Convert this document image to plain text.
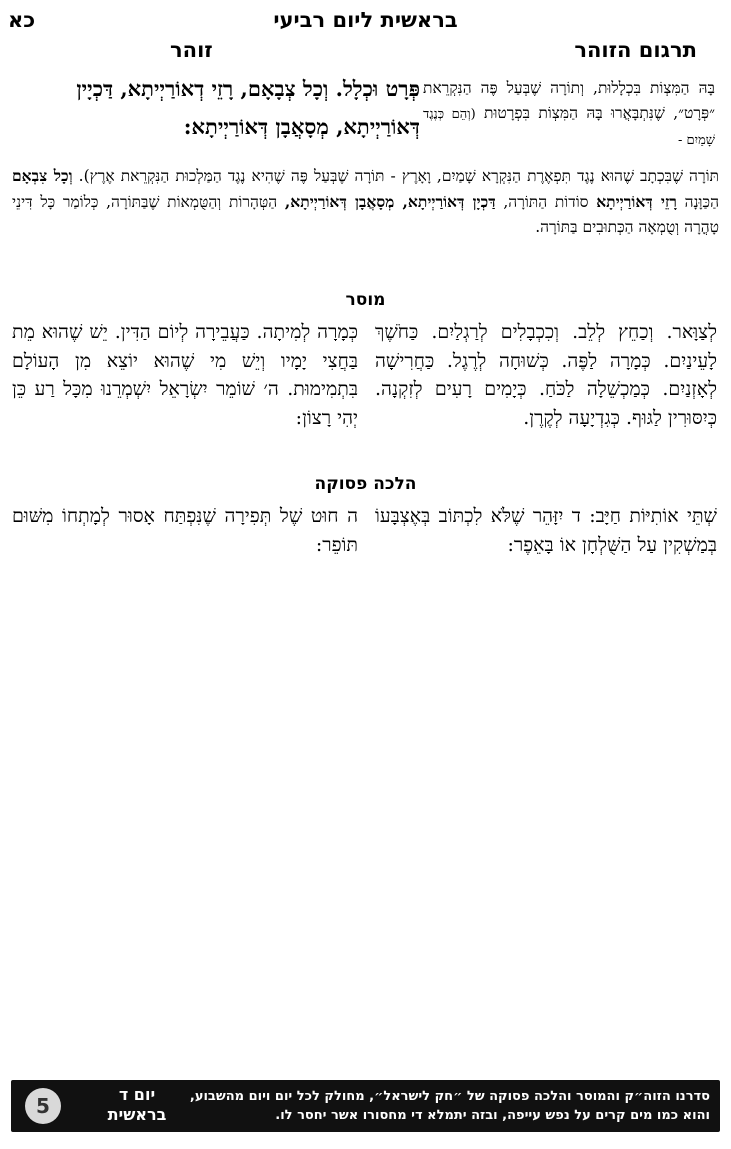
בראשית ליום רביעי
כא
תרגום הזוהר
זוהר
בָּהּ הַמִּצְוֹת בִּכְלָלוּת, וְתוֹרָה שֶׁבְּעַל פֶּה הַנִּקְרֵאת ״פְּרָט״, שֶׁנִּתְבָּאֲרוּ בָּהּ הַמִּצְוֹת בִּפְרָטוּת (וְהֵם כְּנֶגֶד שָׁמַיִם -
פְּרָט וּכְלָל. וְכָל צְבָאָם, רָזֵי דְאוֹרַיְיתָא, דַּכְיָין דְּאוֹרַיְיתָא, מְסָאֲבָן דְּאוֹרַיְיתָא:
תּוֹרָה שֶׁבִּכְתָב שֶׁהוּא נֶגֶד תִּפְאֶרֶת הַנִּקְרָא שָׁמַיִם, וָאָרֶץ - תּוֹרָה שֶׁבְּעַל פֶּה שֶׁהִיא נֶגֶד הַמַּלְכוּת הַנִּקְרֵאת אֶרֶץ). וְכָל צִבְאָם הַכַּוָּנָה רָזֵי דְּאוֹרַיְיתָא סוֹדוֹת הַתּוֹרָה, דַּכְיָן דְּאוֹרַיְיתָא, מְסָאֲבָן דְּאוֹרַיְיתָא, הַטְּהָרוֹת וְהַטֻּמְאוֹת שֶׁבַּתּוֹרָה, כְּלוֹמַר כָּל דִּינֵי טָהֳרָה וְטֻמְאָה הַכְּתוּבִים בַּתּוֹרָה.
מוסר
לְצַוָּאר. וְכַחֵץ לְלֵב. וְכִכְבָלִים לְרַגְלַיִם. כַּחֹשֶׁךְ לָעֵינַיִם. כְּמָרָה לַפֶּה. כְּשׁוּחָה לְרֶגֶל. כַּחֲרִישָׁה לְאָזְנַיִם. כְּמַכְשֵׁלָה לַכֹּחַ. כְּיָמִים רָעִים לְזִקְנָה. כְּיִסּוּרִין לַגּוּף. כְּגִדְיָעָה לְקֶרֶן.
כְּמָרָה לְמִיתָה. כַּעֲבֵירָה לְיוֹם הַדִּין. יֵשׁ שֶׁהוּא מֵת בַּחֲצִי יָמָיו וְיֵשׁ מִי שֶׁהוּא יוֹצֵא מִן הָעוֹלָם בִּתְמִימוּת. ה׳ שׁוֹמֵר יִשְׂרָאֵל יִשְׁמְרֵנוּ מִכָּל רַע כֵּן יְהִי רָצוֹן:
הלכה פסוקה
שְׁתֵּי אוֹתִיּוֹת חַיָּב: ד יִזָּהֵר שֶׁלֹּא לִכְתּוֹב בְּאֶצְבָּעוֹ בְּמַשְׁקִין עַל הַשֻּׁלְחָן אוֹ בָּאֵפֶר:
ה חוּט שֶׁל תְּפִירָה שֶׁנִּפְתַּח אָסוּר לְמָתְחוֹ מִשּׁוּם תּוֹפֵר:
סדרנו הזוה״ק והמוסר והלכה פסוקה של ״חק לישראל״, מחולק לכל יום ויום מהשבוע,
והוא כמו מים קרים על נפש עייפה, ובזה יתמלא די מחסורו אשר יחסר לו.
יום ד
בראשית
5
